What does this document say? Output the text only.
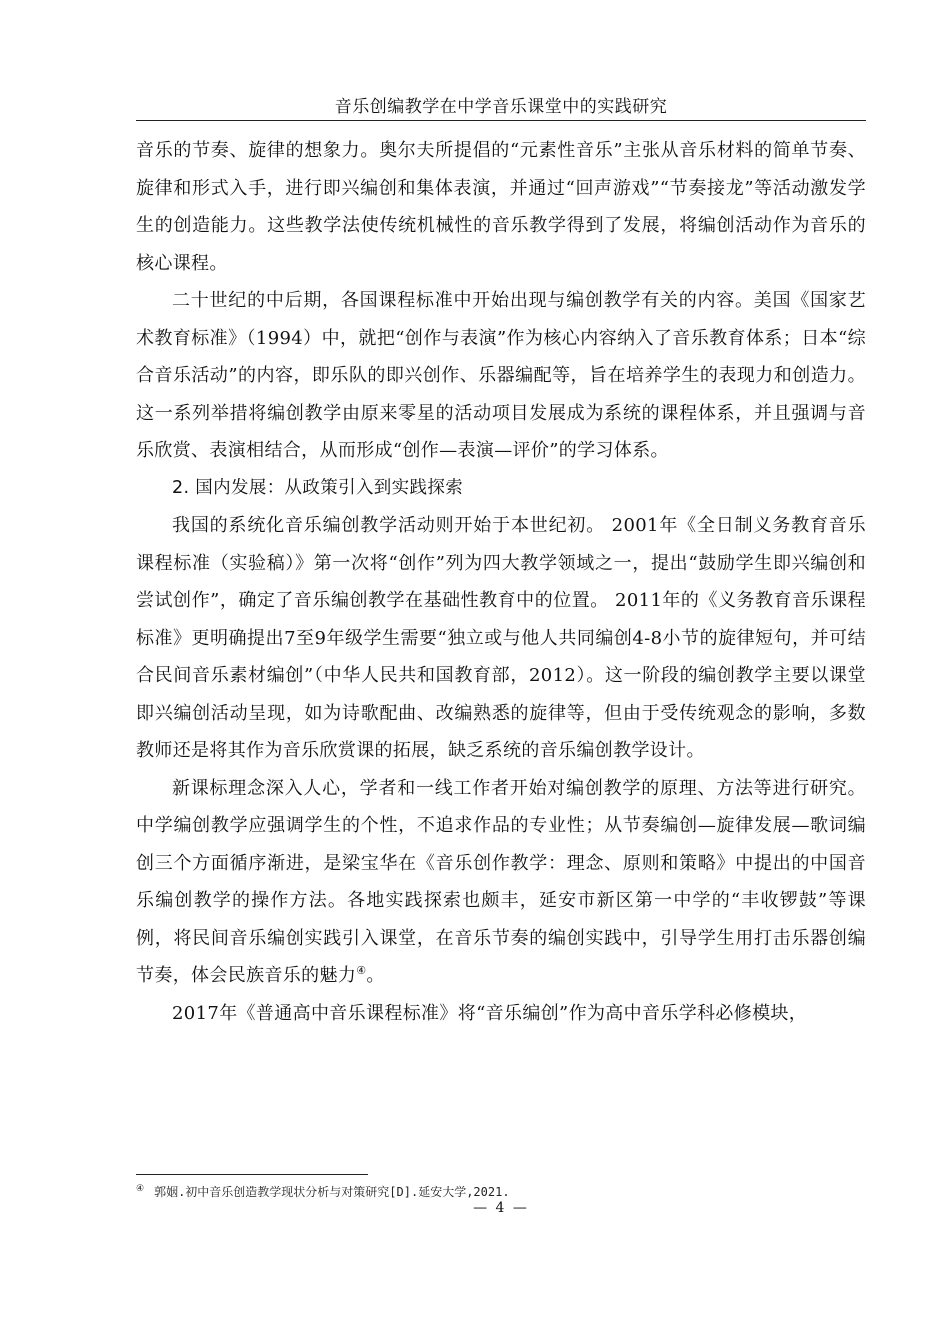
音乐创编教学在中学音乐课堂中的实践研究

音乐的节奏、旋律的想象力。奥尔夫所提倡的“元素性音乐”主张从音乐材料的简单节奏、旋律和形式入手，进行即兴编创和集体表演，并通过“回声游戏”“节奏接龙”等活动激发学生的创造能力。这些教学法使传统机械性的音乐教学得到了发展，将编创活动作为音乐的核心课程。

二十世纪的中后期，各国课程标准中开始出现与编创教学有关的内容。美国《国家艺术教育标准》（1994）中，就把“创作与表演”作为核心内容纳入了音乐教育体系；日本“综合音乐活动”的内容，即乐队的即兴创作、乐器编配等，旨在培养学生的表现力和创造力。这一系列举措将编创教学由原来零星的活动项目发展成为系统的课程体系，并且强调与音乐欣赏、表演相结合，从而形成“创作—表演—评价”的学习体系。

2. 国内发展：从政策引入到实践探索

我国的系统化音乐编创教学活动则开始于本世纪初。 2001年《全日制义务教育音乐课程标准（实验稿）》第一次将“创作”列为四大教学领域之一，提出“鼓励学生即兴编创和尝试创作”，确定了音乐编创教学在基础性教育中的位置。 2011年的《义务教育音乐课程标准》更明确提出7至9年级学生需要“独立或与他人共同编创4-8小节的旋律短句，并可结合民间音乐素材编创”（中华人民共和国教育部，2012）。这一阶段的编创教学主要以课堂即兴编创活动呈现，如为诗歌配曲、改编熟悉的旋律等，但由于受传统观念的影响，多数教师还是将其作为音乐欣赏课的拓展，缺乏系统的音乐编创教学设计。

新课标理念深入人心，学者和一线工作者开始对编创教学的原理、方法等进行研究。中学编创教学应强调学生的个性，不追求作品的专业性；从节奏编创—旋律发展—歌词编创三个方面循序渐进，是梁宝华在《音乐创作教学：理念、原则和策略》中提出的中国音乐编创教学的操作方法。各地实践探索也颇丰，延安市新区第一中学的“丰收锣鼓”等课例，将民间音乐编创实践引入课堂，在音乐节奏的编创实践中，引导学生用打击乐器创编节奏，体会民族音乐的魅力④。

2017年《普通高中音乐课程标准》将“音乐编创”作为高中音乐学科必修模块，

④ 郭姻.初中音乐创造教学现状分析与对策研究[D].延安大学,2021.
— 4 —
